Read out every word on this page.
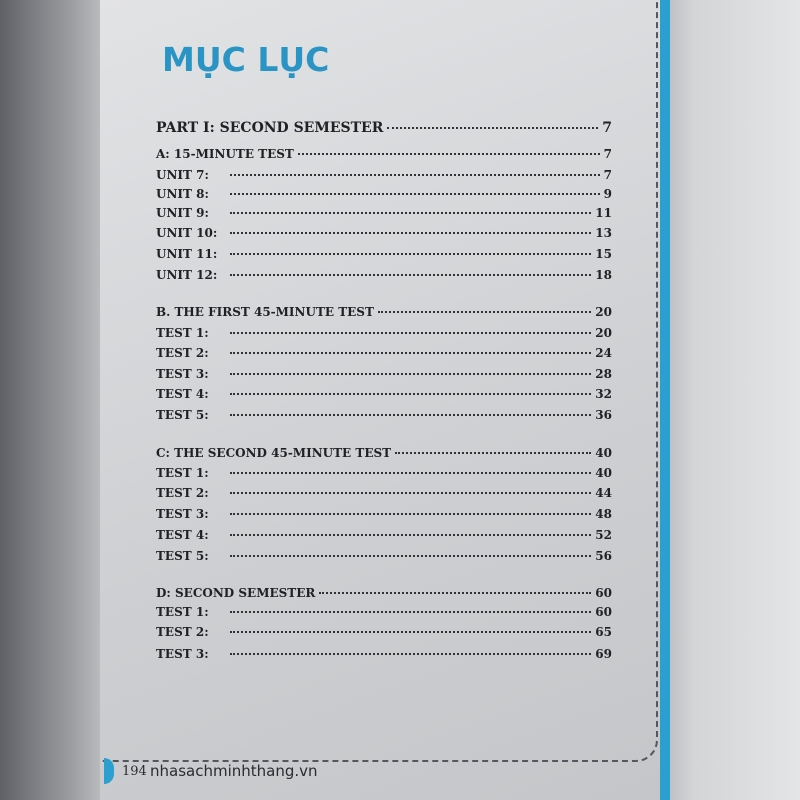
MỤC LỤC
PART I: SECOND SEMESTER	7
A: 15-MINUTE TEST	7
UNIT 7:	7
UNIT 8:	9
UNIT 9:	11
UNIT 10:	13
UNIT 11:	15
UNIT 12:	18
B. THE FIRST 45-MINUTE TEST	20
TEST 1:	20
TEST 2:	24
TEST 3:	28
TEST 4:	32
TEST 5:	36
C: THE SECOND 45-MINUTE TEST	40
TEST 1:	40
TEST 2:	44
TEST 3:	48
TEST 4:	52
TEST 5:	56
D: SECOND SEMESTER	60
TEST 1:	60
TEST 2:	65
TEST 3:	69
194 nhasachminhthang.vn
